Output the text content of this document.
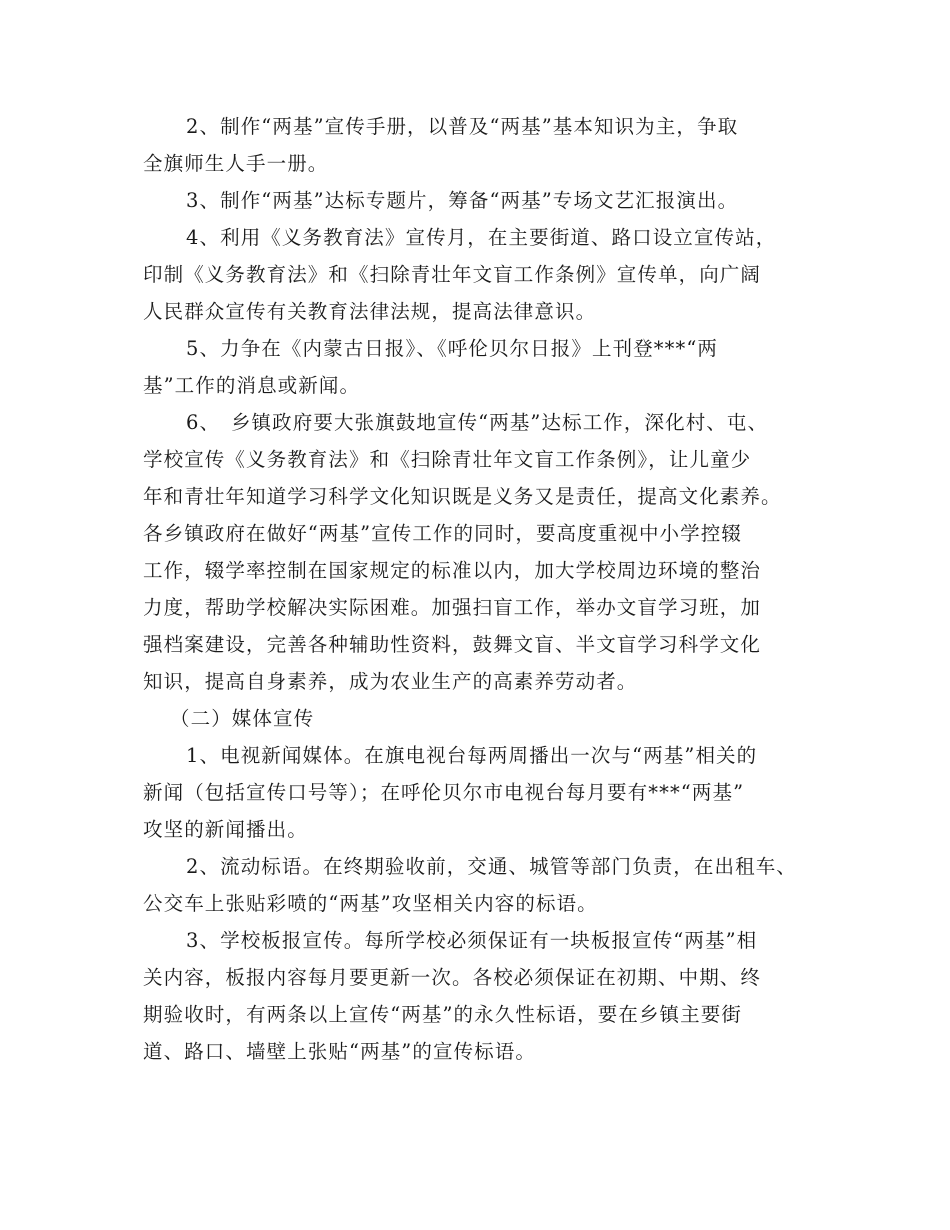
2、制作“两基”宣传手册，以普及“两基”基本知识为主，争取
全旗师生人手一册。
3、制作“两基”达标专题片，筹备“两基”专场文艺汇报演出。
4、利用《义务教育法》宣传月，在主要街道、路口设立宣传站，
印制《义务教育法》和《扫除青壮年文盲工作条例》宣传单，向广阔
人民群众宣传有关教育法律法规，提高法律意识。
5、力争在《内蒙古日报》、《呼伦贝尔日报》上刊登***“两
基”工作的消息或新闻。
6、　乡镇政府要大张旗鼓地宣传“两基”达标工作，深化村、屯、
学校宣传《义务教育法》和《扫除青壮年文盲工作条例》，让儿童少
年和青壮年知道学习科学文化知识既是义务又是责任，提高文化素养。
各乡镇政府在做好“两基”宣传工作的同时，要高度重视中小学控辍
工作，辍学率控制在国家规定的标准以内，加大学校周边环境的整治
力度，帮助学校解决实际困难。加强扫盲工作，举办文盲学习班，加
强档案建设，完善各种辅助性资料，鼓舞文盲、半文盲学习科学文化
知识，提高自身素养，成为农业生产的高素养劳动者。
（二）媒体宣传
1、电视新闻媒体。在旗电视台每两周播出一次与“两基”相关的
新闻（包括宣传口号等）；在呼伦贝尔市电视台每月要有***“两基”
攻坚的新闻播出。
2、流动标语。在终期验收前，交通、城管等部门负责，在出租车、
公交车上张贴彩喷的“两基”攻坚相关内容的标语。
3、学校板报宣传。每所学校必须保证有一块板报宣传“两基”相
关内容，板报内容每月要更新一次。各校必须保证在初期、中期、终
期验收时，有两条以上宣传“两基”的永久性标语，要在乡镇主要街
道、路口、墙壁上张贴“两基”的宣传标语。
